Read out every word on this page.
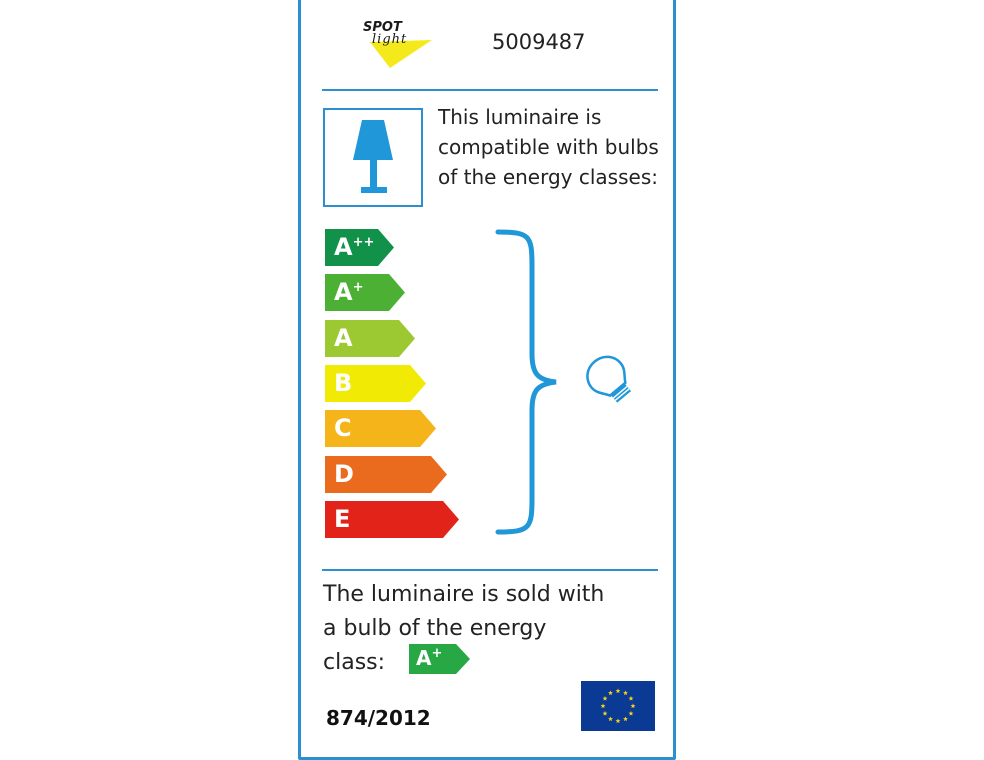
SPOT
light	5009487
This luminaire is
compatible with bulbs
of the energy classes:
A++
A+
A
B
C
D
E
The luminaire is sold with
a bulb of the energy
class:	A+
874/2012
